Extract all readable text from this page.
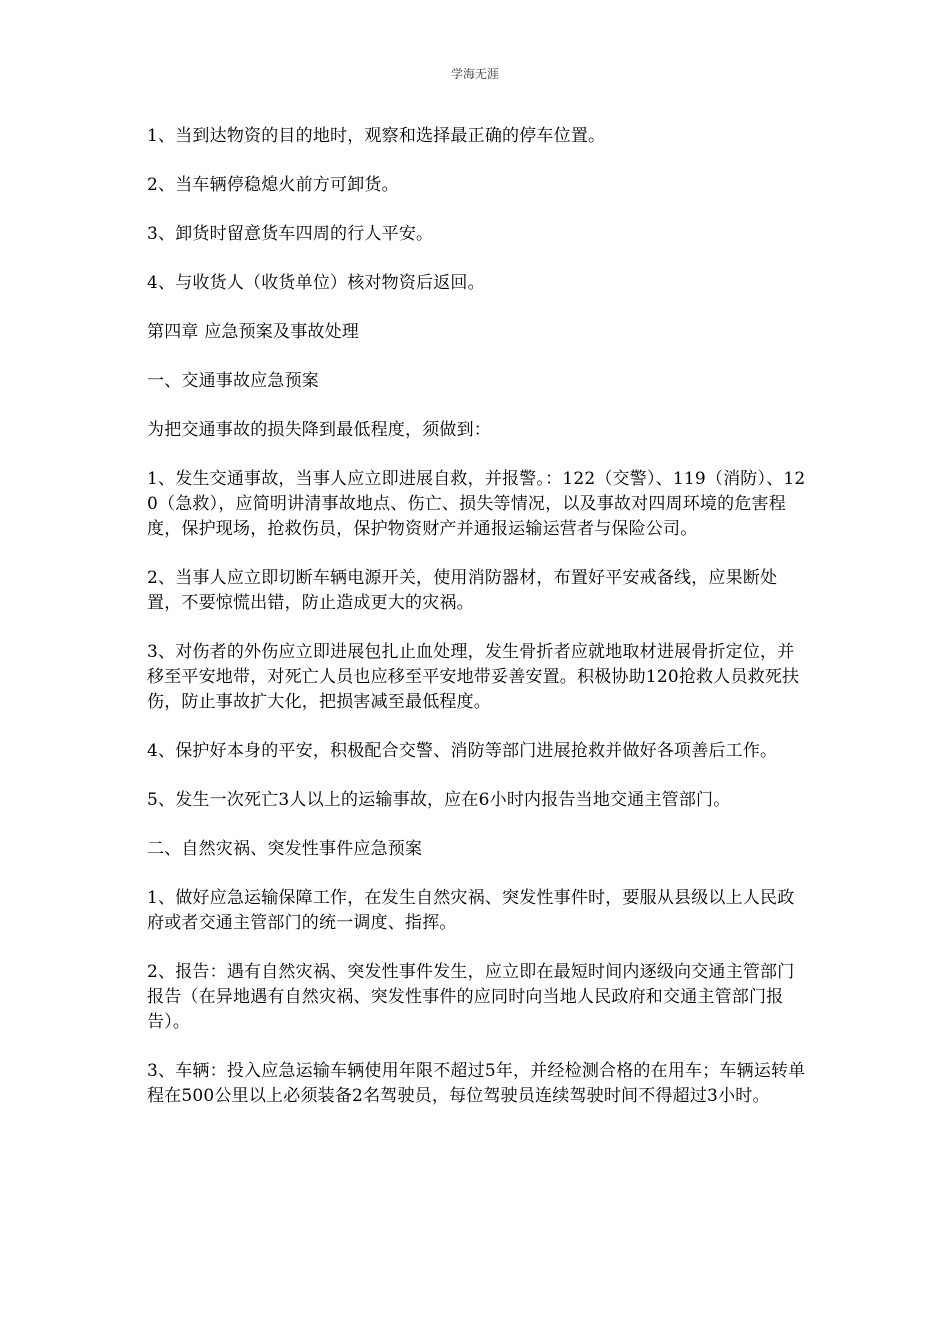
学海无涯

1、当到达物资的目的地时，观察和选择最正确的停车位置。

2、当车辆停稳熄火前方可卸货。

3、卸货时留意货车四周的行人平安。

4、与收货人（收货单位）核对物资后返回。

第四章 应急预案及事故处理

一、交通事故应急预案

为把交通事故的损失降到最低程度，须做到：

1、发生交通事故，当事人应立即进展自救，并报警。：122（交警）、119（消防）、120（急救），应简明讲清事故地点、伤亡、损失等情况，以及事故对四周环境的危害程度，保护现场，抢救伤员，保护物资财产并通报运输运营者与保险公司。

2、当事人应立即切断车辆电源开关，使用消防器材，布置好平安戒备线，应果断处置，不要惊慌出错，防止造成更大的灾祸。

3、对伤者的外伤应立即进展包扎止血处理，发生骨折者应就地取材进展骨折定位，并移至平安地带，对死亡人员也应移至平安地带妥善安置。积极协助120抢救人员救死扶伤，防止事故扩大化，把损害减至最低程度。

4、保护好本身的平安，积极配合交警、消防等部门进展抢救并做好各项善后工作。

5、发生一次死亡3人以上的运输事故，应在6小时内报告当地交通主管部门。

二、自然灾祸、突发性事件应急预案

1、做好应急运输保障工作，在发生自然灾祸、突发性事件时，要服从县级以上人民政府或者交通主管部门的统一调度、指挥。

2、报告：遇有自然灾祸、突发性事件发生，应立即在最短时间内逐级向交通主管部门报告（在异地遇有自然灾祸、突发性事件的应同时向当地人民政府和交通主管部门报告）。

3、车辆：投入应急运输车辆使用年限不超过5年，并经检测合格的在用车；车辆运转单程在500公里以上必须装备2名驾驶员，每位驾驶员连续驾驶时间不得超过3小时。
